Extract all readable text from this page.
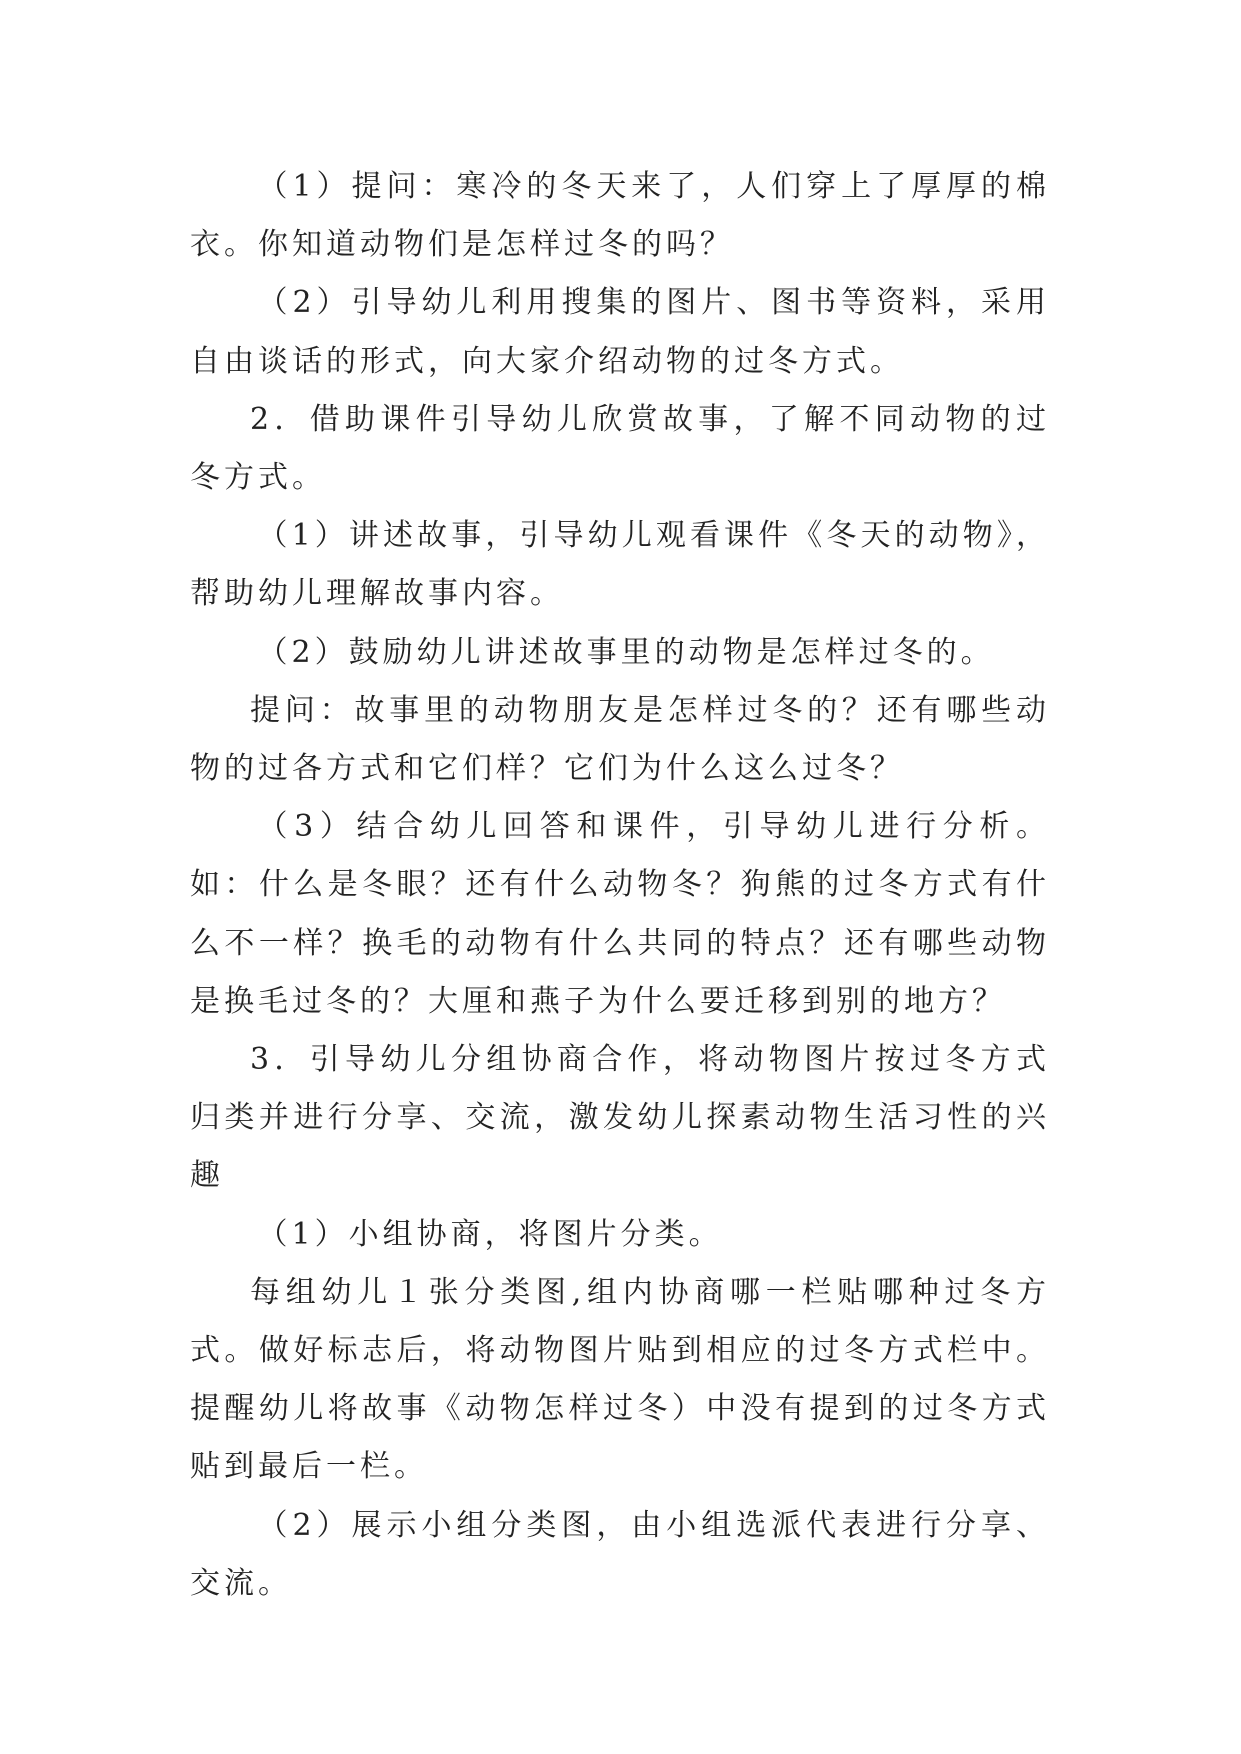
（1）提问：寒冷的冬天来了，人们穿上了厚厚的棉衣。你知道动物们是怎样过冬的吗？

（2）引导幼儿利用搜集的图片、图书等资料，采用自由谈话的形式，向大家介绍动物的过冬方式。

2．借助课件引导幼儿欣赏故事，了解不同动物的过冬方式。

（1）讲述故事，引导幼儿观看课件《冬天的动物》，帮助幼儿理解故事内容。

（2）鼓励幼儿讲述故事里的动物是怎样过冬的。

提问：故事里的动物朋友是怎样过冬的？还有哪些动物的过各方式和它们样？它们为什么这么过冬？

（3）结合幼儿回答和课件，引导幼儿进行分析。如：什么是冬眼？还有什么动物冬？狗熊的过冬方式有什么不一样？换毛的动物有什么共同的特点？还有哪些动物是换毛过冬的？大厘和燕子为什么要迁移到别的地方？

3．引导幼儿分组协商合作，将动物图片按过冬方式归类并进行分享、交流，激发幼儿探素动物生活习性的兴趣

（1）小组协商，将图片分类。

每组幼儿１张分类图,组内协商哪一栏贴哪种过冬方式。做好标志后，将动物图片贴到相应的过冬方式栏中。提醒幼儿将故事《动物怎样过冬）中没有提到的过冬方式贴到最后一栏。

（2）展示小组分类图，由小组选派代表进行分享、交流。
